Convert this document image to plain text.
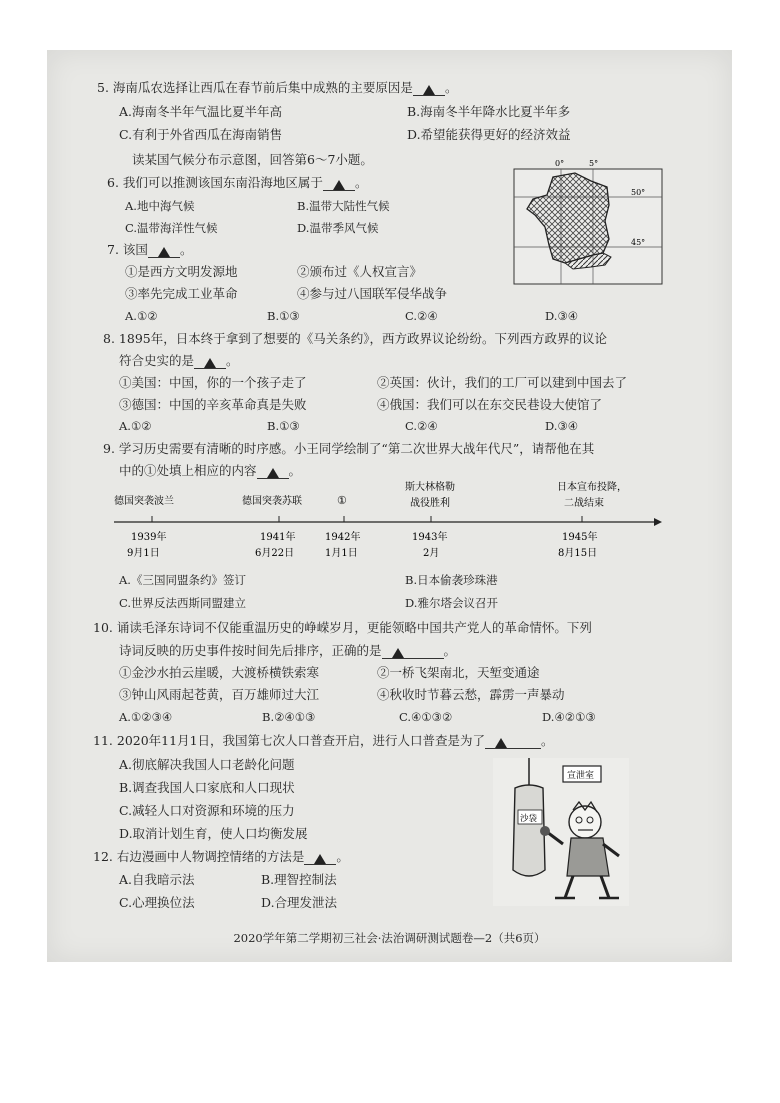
5. 海南瓜农选择让西瓜在春节前后集中成熟的主要原因是	。
A.海南冬半年气温比夏半年高	B.海南冬半年降水比夏半年多
C.有利于外省西瓜在海南销售	D.希望能获得更好的经济效益
读某国气候分布示意图，回答第6～7小题。	0°	5°
50°
45°
6. 我们可以推测该国东南沿海地区属于	。
A.地中海气候	B.温带大陆性气候
C.温带海洋性气候	D.温带季风气候
7. 该国	。
①是西方文明发源地	②颁布过《人权宣言》
③率先完成工业革命	④参与过八国联军侵华战争
A.①②	B.①③	C.②④	D.③④
8. 1895年，日本终于拿到了想要的《马关条约》，西方政界议论纷纷。下列西方政界的议论
符合史实的是	。
①美国：中国，你的一个孩子走了	②英国：伙计，我们的工厂可以建到中国去了
③德国：中国的辛亥革命真是失败	④俄国：我们可以在东交民巷设大使馆了
A.①②	B.①③	C.②④	D.③④
9. 学习历史需要有清晰的时序感。小王同学绘制了“第二次世界大战年代尺”，请帮他在其
中的①处填上相应的内容	。
德国突袭波兰	德国突袭苏联	①
斯大林格勒
战役胜利
日本宣布投降，
二战结束
1939年
9月1日
1941年
6月22日
1942年
1月1日
1943年
2月
1945年
8月15日
A.《三国同盟条约》签订	B.日本偷袭珍珠港
C.世界反法西斯同盟建立	D.雅尔塔会议召开
10. 诵读毛泽东诗词不仅能重温历史的峥嵘岁月，更能领略中国共产党人的革命情怀。下列
诗词反映的历史事件按时间先后排序，正确的是	。
①金沙水拍云崖暖，大渡桥横铁索寒	②一桥飞架南北，天堑变通途
③钟山风雨起苍黄，百万雄师过大江	④秋收时节暮云愁，霹雳一声暴动
A.①②③④	B.②④①③	C.④①③②	D.④②①③
11. 2020年11月1日，我国第七次人口普查开启，进行人口普查是为了	。
A.彻底解决我国人口老龄化问题
B.调查我国人口家底和人口现状
C.减轻人口对资源和环境的压力
D.取消计划生育，使人口均衡发展
宣泄室
沙袋
12. 右边漫画中人物调控情绪的方法是	。
A.自我暗示法	B.理智控制法
C.心理换位法	D.合理发泄法
2020学年第二学期初三社会·法治调研测试题卷—2（共6页）
